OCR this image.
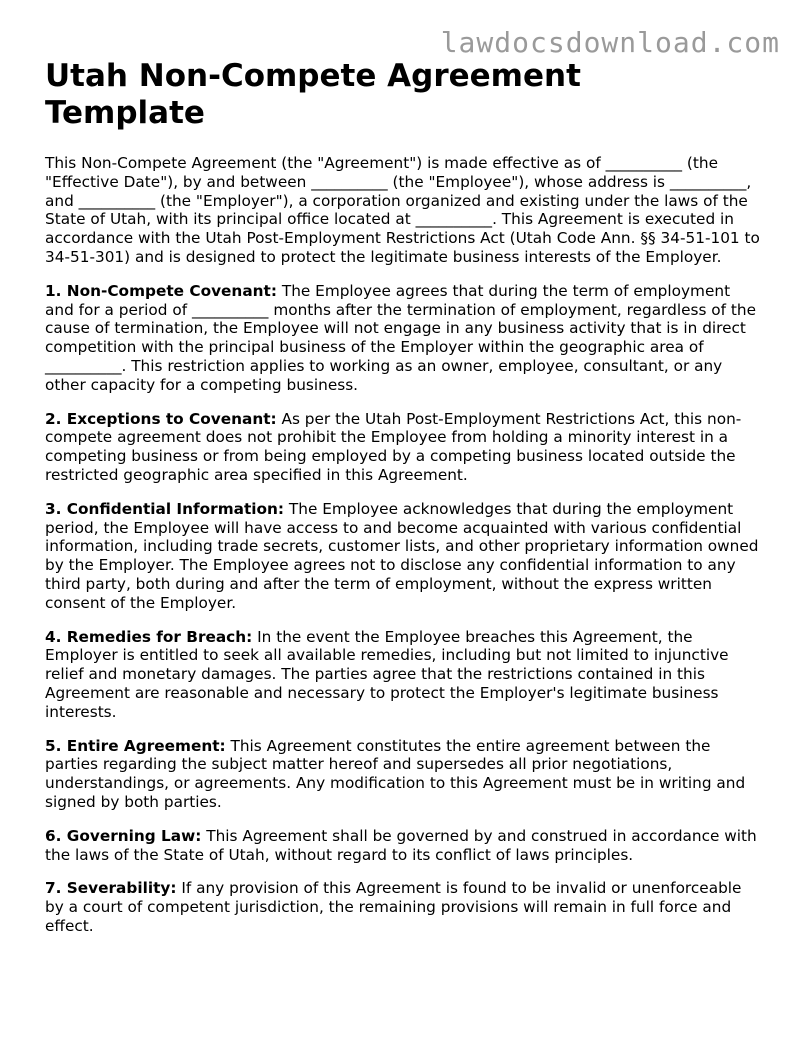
lawdocsdownload.com
Utah Non-Compete Agreement Template

This Non-Compete Agreement (the "Agreement") is made effective as of __________ (the "Effective Date"), by and between __________ (the "Employee"), whose address is __________, and __________ (the "Employer"), a corporation organized and existing under the laws of the State of Utah, with its principal office located at __________. This Agreement is executed in accordance with the Utah Post-Employment Restrictions Act (Utah Code Ann. §§ 34-51-101 to 34-51-301) and is designed to protect the legitimate business interests of the Employer.

1. Non-Compete Covenant: The Employee agrees that during the term of employment and for a period of __________ months after the termination of employment, regardless of the cause of termination, the Employee will not engage in any business activity that is in direct competition with the principal business of the Employer within the geographic area of __________. This restriction applies to working as an owner, employee, consultant, or any other capacity for a competing business.

2. Exceptions to Covenant: As per the Utah Post-Employment Restrictions Act, this non-compete agreement does not prohibit the Employee from holding a minority interest in a competing business or from being employed by a competing business located outside the restricted geographic area specified in this Agreement.

3. Confidential Information: The Employee acknowledges that during the employment period, the Employee will have access to and become acquainted with various confidential information, including trade secrets, customer lists, and other proprietary information owned by the Employer. The Employee agrees not to disclose any confidential information to any third party, both during and after the term of employment, without the express written consent of the Employer.

4. Remedies for Breach: In the event the Employee breaches this Agreement, the Employer is entitled to seek all available remedies, including but not limited to injunctive relief and monetary damages. The parties agree that the restrictions contained in this Agreement are reasonable and necessary to protect the Employer's legitimate business interests.

5. Entire Agreement: This Agreement constitutes the entire agreement between the parties regarding the subject matter hereof and supersedes all prior negotiations, understandings, or agreements. Any modification to this Agreement must be in writing and signed by both parties.

6. Governing Law: This Agreement shall be governed by and construed in accordance with the laws of the State of Utah, without regard to its conflict of laws principles.

7. Severability: If any provision of this Agreement is found to be invalid or unenforceable by a court of competent jurisdiction, the remaining provisions will remain in full force and effect.
